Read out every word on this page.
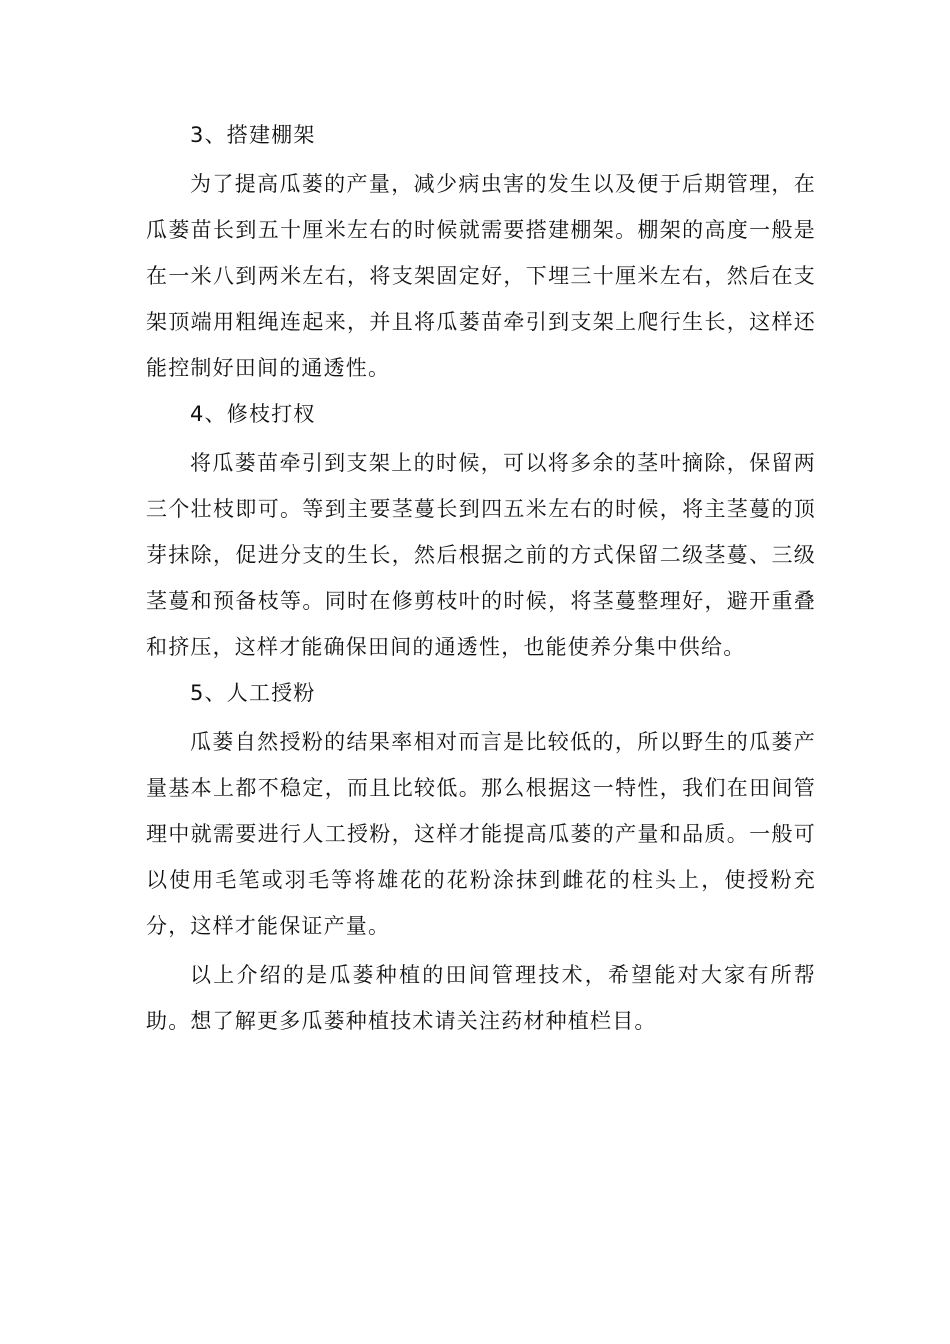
3、搭建棚架

为了提高瓜蒌的产量，减少病虫害的发生以及便于后期管理，在瓜蒌苗长到五十厘米左右的时候就需要搭建棚架。棚架的高度一般是在一米八到两米左右，将支架固定好，下埋三十厘米左右，然后在支架顶端用粗绳连起来，并且将瓜蒌苗牵引到支架上爬行生长，这样还能控制好田间的通透性。

4、修枝打杈

将瓜蒌苗牵引到支架上的时候，可以将多余的茎叶摘除，保留两三个壮枝即可。等到主要茎蔓长到四五米左右的时候，将主茎蔓的顶芽抹除，促进分支的生长，然后根据之前的方式保留二级茎蔓、三级茎蔓和预备枝等。同时在修剪枝叶的时候，将茎蔓整理好，避开重叠和挤压，这样才能确保田间的通透性，也能使养分集中供给。

5、人工授粉

瓜蒌自然授粉的结果率相对而言是比较低的，所以野生的瓜蒌产量基本上都不稳定，而且比较低。那么根据这一特性，我们在田间管理中就需要进行人工授粉，这样才能提高瓜蒌的产量和品质。一般可以使用毛笔或羽毛等将雄花的花粉涂抹到雌花的柱头上，使授粉充分，这样才能保证产量。

以上介绍的是瓜蒌种植的田间管理技术，希望能对大家有所帮助。想了解更多瓜蒌种植技术请关注药材种植栏目。
